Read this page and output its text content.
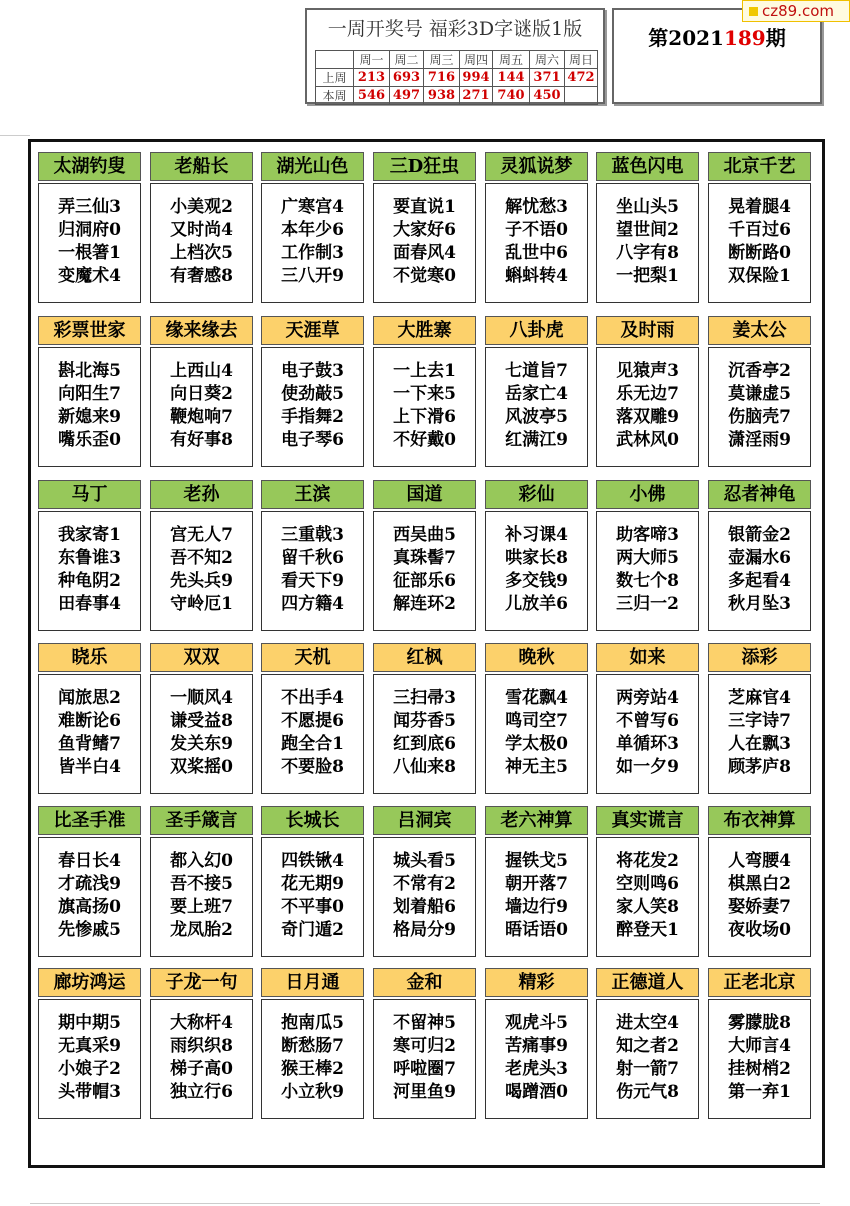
一周开奖号 福彩3D字谜版1版
	周一	周二	周三	周四	周五	周六	周日
上周	213	693	716	994	144	371	472
本周	546	497	938	271	740	450	
第2021189期
cz89.com
太湖钓叟
弄三仙3
归洞府0
一根箸1
变魔术4
老船长
小美观2
又时尚4
上档次5
有奢感8
湖光山色
广寒宫4
本年少6
工作制3
三八开9
三D狂虫
要直说1
大家好6
面春风4
不觉寒0
灵狐说梦
解忧愁3
子不语0
乱世中6
蝌蚪转4
蓝色闪电
坐山头5
望世间2
八字有8
一把梨1
北京千艺
晃着腿4
千百过6
断断路0
双保险1
彩票世家
斟北海5
向阳生7
新媳来9
嘴乐歪0
缘来缘去
上西山4
向日葵2
鞭炮响7
有好事8
天涯草
电子鼓3
使劲敲5
手指舞2
电子琴6
大胜寨
一上去1
一下来5
上下滑6
不好戴0
八卦虎
七道旨7
岳家亡4
风波亭5
红满江9
及时雨
见猿声3
乐无边7
落双雕9
武林风0
姜太公
沉香亭2
莫谦虚5
伤脑壳7
潇淫雨9
马丁
我家寄1
东鲁谁3
种龟阴2
田春事4
老孙
宫无人7
吾不知2
先头兵9
守岭厄1
王滨
三重戟3
留千秋6
看天下9
四方籍4
国道
西吴曲5
真珠髻7
征部乐6
解连环2
彩仙
补习课4
哄家长8
多交钱9
儿放羊6
小佛
助客啼3
两大师5
数七个8
三归一2
忍者神龟
银箭金2
壶漏水6
多起看4
秋月坠3
晓乐
闻旅思2
难断论6
鱼背鳍7
皆半白4
双双
一顺风4
谦受益8
发关东9
双桨摇0
天机
不出手4
不愿提6
跑全合1
不要脸8
红枫
三扫帚3
闻芬香5
红到底6
八仙来8
晚秋
雪花飘4
鸣司空7
学太极0
神无主5
如来
两旁站4
不曾写6
单循环3
如一夕9
添彩
芝麻官4
三字诗7
人在飘3
顾茅庐8
比圣手准
春日长4
才疏浅9
旗高扬0
先惨戚5
圣手箴言
都入幻0
吾不接5
要上班7
龙凤胎2
长城长
四铁锹4
花无期9
不平事0
奇门遁2
吕洞宾
城头看5
不常有2
划着船6
格局分9
老六神算
握铁戈5
朝开落7
墙边行9
晤话语0
真实谎言
将花发2
空则鸣6
家人笑8
醉登天1
布衣神算
人弯腰4
棋黑白2
娶娇妻7
夜收场0
廊坊鸿运
期中期5
无真采9
小娘子2
头带帽3
子龙一句
大称杆4
雨织织8
梯子高0
独立行6
日月通
抱南瓜5
断愁肠7
猴王棒2
小立秋9
金和
不留神5
寒可归2
呼啦圈7
河里鱼9
精彩
观虎斗5
苦痛事9
老虎头3
喝蹭酒0
正德道人
进太空4
知之者2
射一箭7
伤元气8
正老北京
雾朦胧8
大师言4
挂树梢2
第一弃1
